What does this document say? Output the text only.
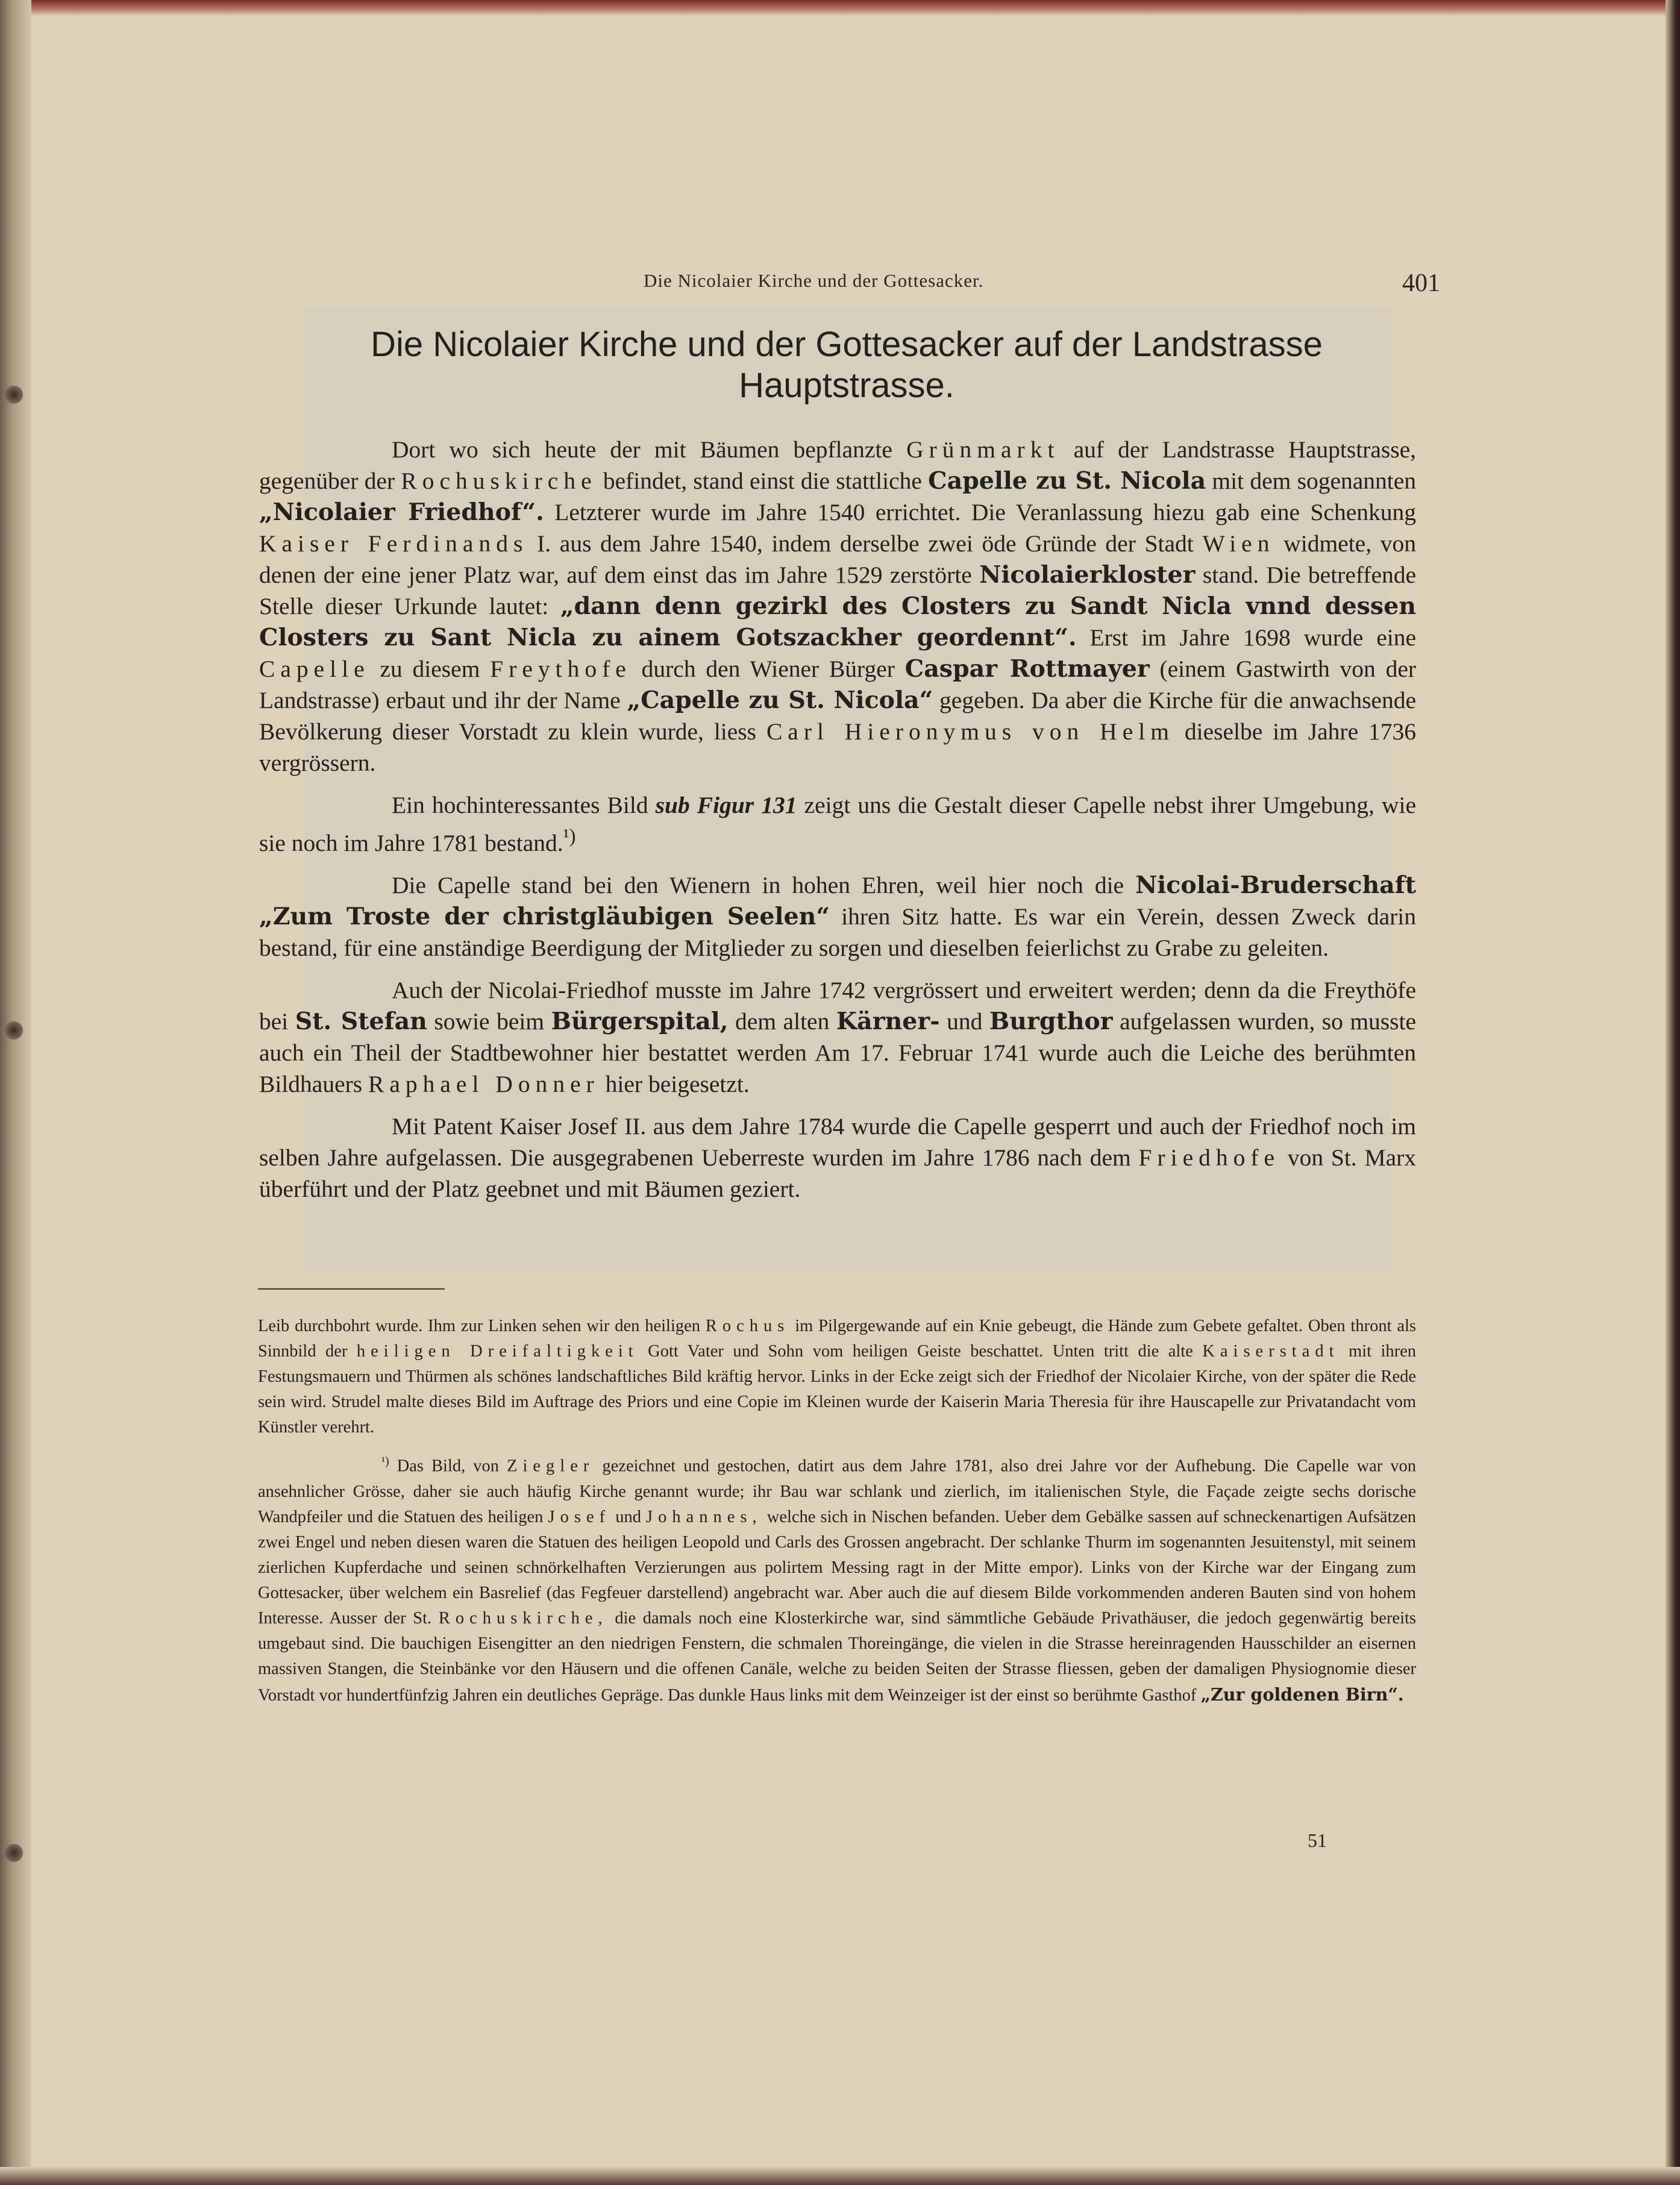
Die Nicolaier Kirche und der Gottesacker.	401
Die Nicolaier Kirche und der Gottesacker auf der Landstrasse
Hauptstrasse.

Dort wo sich heute der mit Bäumen bepflanzte Grünmarkt auf der Landstrasse Hauptstrasse, gegenüber der Rochuskirche befindet, stand einst die stattliche Capelle zu St. Nicola mit dem sogenannten „Nicolaier Friedhof“. Letzterer wurde im Jahre 1540 errichtet. Die Veranlassung hiezu gab eine Schenkung Kaiser Ferdinands I. aus dem Jahre 1540, indem derselbe zwei öde Gründe der Stadt Wien widmete, von denen der eine jener Platz war, auf dem einst das im Jahre 1529 zerstörte Nicolaierkloster stand. Die betreffende Stelle dieser Urkunde lautet: „dann denn gezirkl des Closters zu Sandt Nicla vnnd dessen Closters zu Sant Nicla zu ainem Gotszackher geordennt“. Erst im Jahre 1698 wurde eine Capelle zu diesem Freythofe durch den Wiener Bürger Caspar Rottmayer (einem Gastwirth von der Landstrasse) erbaut und ihr der Name „Capelle zu St. Nicola“ gegeben. Da aber die Kirche für die anwachsende Bevölkerung dieser Vorstadt zu klein wurde, liess Carl Hieronymus von Helm dieselbe im Jahre 1736 vergrössern.

Ein hochinteressantes Bild sub Figur 131 zeigt uns die Gestalt dieser Capelle nebst ihrer Umgebung, wie sie noch im Jahre 1781 bestand.$^{^1)}$

Die Capelle stand bei den Wienern in hohen Ehren, weil hier noch die Nicolai-Bruderschaft „Zum Troste der christgläubigen Seelen“ ihren Sitz hatte. Es war ein Verein, dessen Zweck darin bestand, für eine anständige Beerdigung der Mitglieder zu sorgen und dieselben feierlichst zu Grabe zu geleiten.

Auch der Nicolai-Friedhof musste im Jahre 1742 vergrössert und erweitert werden; denn da die Freythöfe bei St. Stefan sowie beim Bürgerspital, dem alten Kärner- und Burgthor aufgelassen wurden, so musste auch ein Theil der Stadtbewohner hier bestattet werden Am 17. Februar 1741 wurde auch die Leiche des berühmten Bildhauers Raphael Donner hier beigesetzt.

Mit Patent Kaiser Josef II. aus dem Jahre 1784 wurde die Capelle gesperrt und auch der Friedhof noch im selben Jahre aufgelassen. Die ausgegrabenen Ueberreste wurden im Jahre 1786 nach dem Friedhofe von St. Marx überführt und der Platz geebnet und mit Bäumen geziert.

Leib durchbohrt wurde. Ihm zur Linken sehen wir den heiligen Rochus im Pilgergewande auf ein Knie gebeugt, die Hände zum Gebete gefaltet. Oben thront als Sinnbild der heiligen Dreifaltigkeit Gott Vater und Sohn vom heiligen Geiste beschattet. Unten tritt die alte Kaiserstadt mit ihren Festungsmauern und Thürmen als schönes landschaftliches Bild kräftig hervor. Links in der Ecke zeigt sich der Friedhof der Nicolaier Kirche, von der später die Rede sein wird. Strudel malte dieses Bild im Auftrage des Priors und eine Copie im Kleinen wurde der Kaiserin Maria Theresia für ihre Hauscapelle zur Privatandacht vom Künstler verehrt.

$^{^1)}$ Das Bild, von Ziegler gezeichnet und gestochen, datirt aus dem Jahre 1781, also drei Jahre vor der Aufhebung. Die Capelle war von ansehnlicher Grösse, daher sie auch häufig Kirche genannt wurde; ihr Bau war schlank und zierlich, im italienischen Style, die Façade zeigte sechs dorische Wandpfeiler und die Statuen des heiligen Josef und Johannes, welche sich in Nischen befanden. Ueber dem Gebälke sassen auf schneckenartigen Aufsätzen zwei Engel und neben diesen waren die Statuen des heiligen Leopold und Carls des Grossen angebracht. Der schlanke Thurm im sogenannten Jesuitenstyl, mit seinem zierlichen Kupferdache und seinen schnörkelhaften Verzierungen aus polirtem Messing ragt in der Mitte empor). Links von der Kirche war der Eingang zum Gottesacker, über welchem ein Basrelief (das Fegfeuer darstellend) angebracht war. Aber auch die auf diesem Bilde vorkommenden anderen Bauten sind von hohem Interesse. Ausser der St. Rochuskirche, die damals noch eine Klosterkirche war, sind sämmtliche Gebäude Privathäuser, die jedoch gegenwärtig bereits umgebaut sind. Die bauchigen Eisengitter an den niedrigen Fenstern, die schmalen Thoreingänge, die vielen in die Strasse hereinragenden Hausschilder an eisernen massiven Stangen, die Steinbänke vor den Häusern und die offenen Canäle, welche zu beiden Seiten der Strasse fliessen, geben der damaligen Physiognomie dieser Vorstadt vor hundertfünfzig Jahren ein deutliches Gepräge. Das dunkle Haus links mit dem Weinzeiger ist der einst so berühmte Gasthof „Zur goldenen Birn“.

51
